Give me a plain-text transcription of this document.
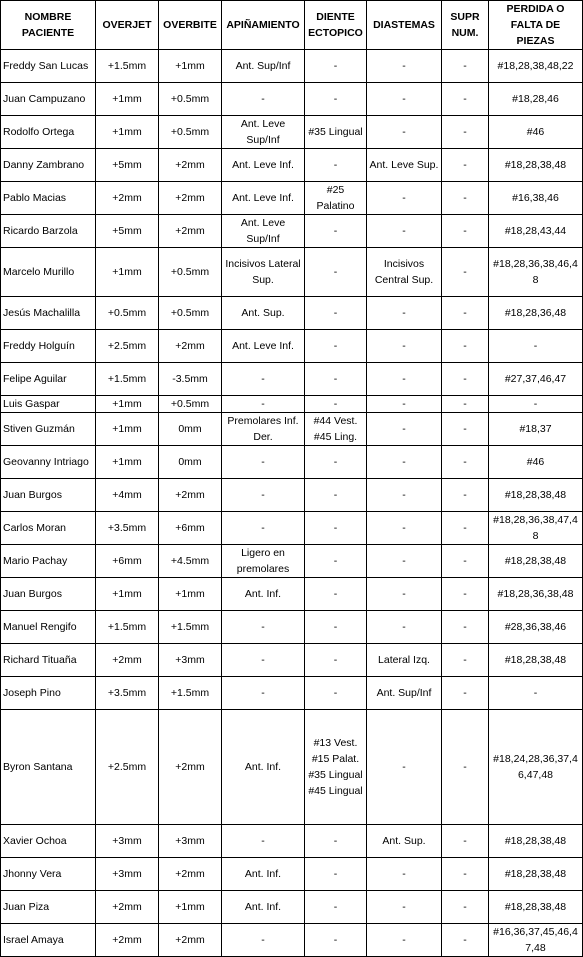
NOMBRE PACIENTE	OVERJET	OVERBITE	APIÑAMIENTO	DIENTE ECTOPICO	DIASTEMAS	SUPR NUM.	PERDIDA O FALTA DE PIEZAS
Freddy San Lucas	+1.5mm	+1mm	Ant. Sup/Inf	-	-	-	#18,28,38,48,22
Juan Campuzano	+1mm	+0.5mm	-	-	-	-	#18,28,46
Rodolfo Ortega	+1mm	+0.5mm	Ant. Leve Sup/Inf	#35 Lingual	-	-	#46
Danny Zambrano	+5mm	+2mm	Ant. Leve Inf.	-	Ant. Leve Sup.	-	#18,28,38,48
Pablo Macias	+2mm	+2mm	Ant. Leve Inf.	#25 Palatino	-	-	#16,38,46
Ricardo Barzola	+5mm	+2mm	Ant. Leve Sup/Inf	-	-	-	#18,28,43,44
Marcelo Murillo	+1mm	+0.5mm	Incisivos Lateral Sup.	-	Incisivos Central Sup.	-	#18,28,36,38,46,48
Jesús Machalilla	+0.5mm	+0.5mm	Ant. Sup.	-	-	-	#18,28,36,48
Freddy Holguín	+2.5mm	+2mm	Ant. Leve Inf.	-	-	-	-
Felipe Aguilar	+1.5mm	-3.5mm	-	-	-	-	#27,37,46,47
Luis Gaspar	+1mm	+0.5mm	-	-	-	-	-
Stiven Guzmán	+1mm	0mm	Premolares Inf. Der.	#44 Vest. #45 Ling.	-	-	#18,37
Geovanny Intriago	+1mm	0mm	-	-	-	-	#46
Juan Burgos	+4mm	+2mm	-	-	-	-	#18,28,38,48
Carlos Moran	+3.5mm	+6mm	-	-	-	-	#18,28,36,38,47,48
Mario Pachay	+6mm	+4.5mm	Ligero en premolares	-	-	-	#18,28,38,48
Juan Burgos	+1mm	+1mm	Ant. Inf.	-	-	-	#18,28,36,38,48
Manuel Rengifo	+1.5mm	+1.5mm	-	-	-	-	#28,36,38,46
Richard Tituaña	+2mm	+3mm	-	-	Lateral Izq.	-	#18,28,38,48
Joseph Pino	+3.5mm	+1.5mm	-	-	Ant. Sup/Inf	-	-
Byron Santana	+2.5mm	+2mm	Ant. Inf.	#13 Vest. #15 Palat. #35 Lingual #45 Lingual	-	-	#18,24,28,36,37,46,47,48
Xavier Ochoa	+3mm	+3mm	-	-	Ant. Sup.	-	#18,28,38,48
Jhonny Vera	+3mm	+2mm	Ant. Inf.	-	-	-	#18,28,38,48
Juan Piza	+2mm	+1mm	Ant. Inf.	-	-	-	#18,28,38,48
Israel Amaya	+2mm	+2mm	-	-	-	-	#16,36,37,45,46,47,48
